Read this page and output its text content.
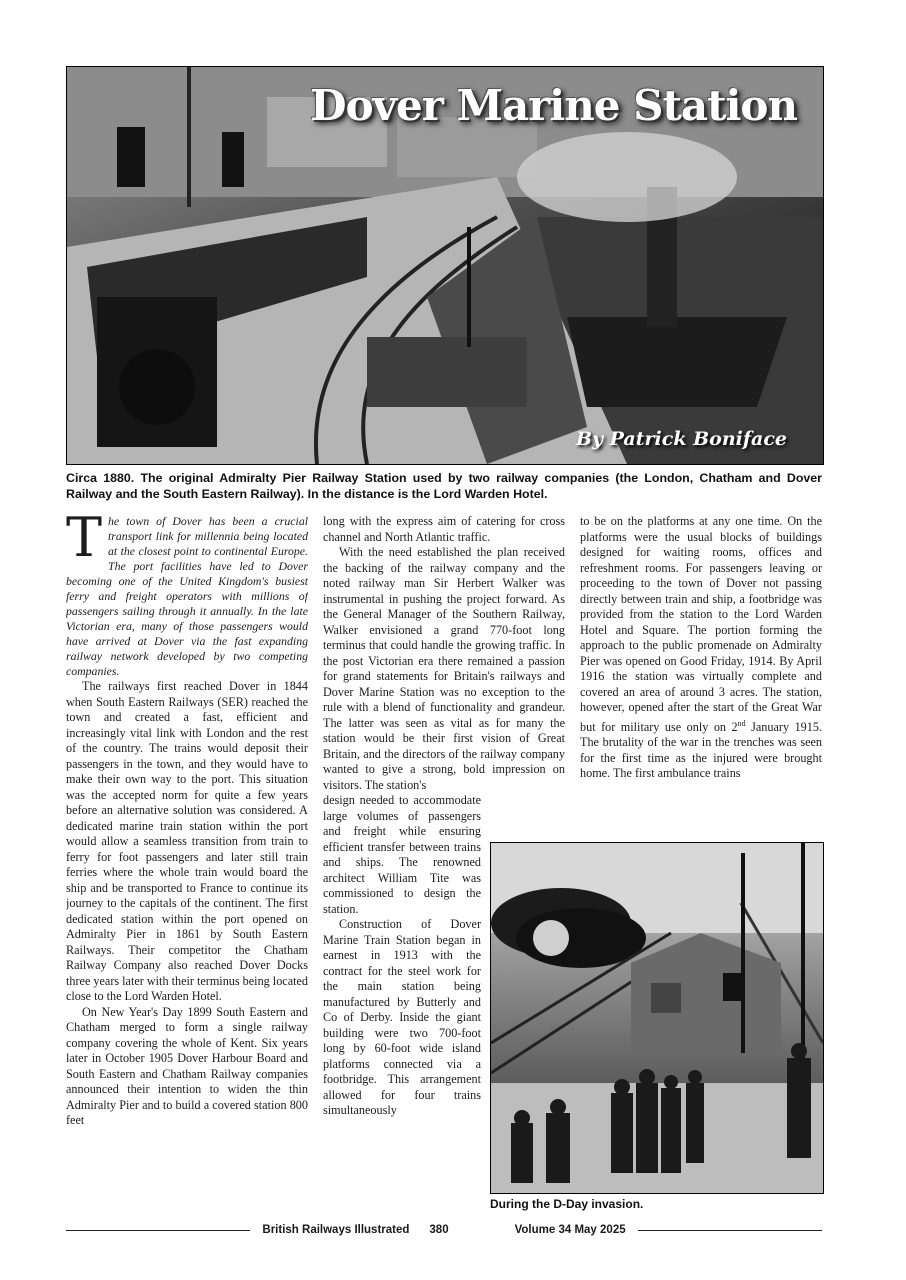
Dover Marine Station
By Patrick Boniface

Circa 1880. The original Admiralty Pier Railway Station used by two railway companies (the London, Chatham and Dover Railway and the South Eastern Railway). In the distance is the Lord Warden Hotel.

The town of Dover has been a crucial transport link for millennia being located at the closest point to continental Europe. The port facilities have led to Dover becoming one of the United Kingdom's busiest ferry and freight operators with millions of passengers sailing through it annually. In the late Victorian era, many of those passengers would have arrived at Dover via the fast expanding railway network developed by two competing companies.

The railways first reached Dover in 1844 when South Eastern Railways (SER) reached the town and created a fast, efficient and increasingly vital link with London and the rest of the country. The trains would deposit their passengers in the town, and they would have to make their own way to the port. This situation was the accepted norm for quite a few years before an alternative solution was considered. A dedicated marine train station within the port would allow a seamless transition from train to ferry for foot passengers and later still train ferries where the whole train would board the ship and be transported to France to continue its journey to the capitals of the continent. The first dedicated station within the port opened on Admiralty Pier in 1861 by South Eastern Railways. Their competitor the Chatham Railway Company also reached Dover Docks three years later with their terminus being located close to the Lord Warden Hotel.

On New Year's Day 1899 South Eastern and Chatham merged to form a single railway company covering the whole of Kent. Six years later in October 1905 Dover Harbour Board and South Eastern and Chatham Railway companies announced their intention to widen the thin Admiralty Pier and to build a covered station 800 feet

long with the express aim of catering for cross channel and North Atlantic traffic.

With the need established the plan received the backing of the railway company and the noted railway man Sir Herbert Walker was instrumental in pushing the project forward. As the General Manager of the Southern Railway, Walker envisioned a grand 770-foot long terminus that could handle the growing traffic. In the post Victorian era there remained a passion for grand statements for Britain's railways and Dover Marine Station was no exception to the rule with a blend of functionality and grandeur. The latter was seen as vital as for many the station would be their first vision of Great Britain, and the directors of the railway company wanted to give a strong, bold impression on visitors. The station's

design needed to accommodate large volumes of passengers and freight while ensuring efficient transfer between trains and ships. The renowned architect William Tite was commissioned to design the station.

Construction of Dover Marine Train Station began in earnest in 1913 with the contract for the steel work for the main station being manufactured by Butterly and Co of Derby. Inside the giant building were two 700-foot long by 60-foot wide island platforms connected via a footbridge. This arrangement allowed for four trains simultaneously

to be on the platforms at any one time. On the platforms were the usual blocks of buildings designed for waiting rooms, offices and refreshment rooms. For passengers leaving or proceeding to the town of Dover not passing directly between train and ship, a footbridge was provided from the station to the Lord Warden Hotel and Square. The portion forming the approach to the public promenade on Admiralty Pier was opened on Good Friday, 1914. By April 1916 the station was virtually complete and covered an area of around 3 acres. The station, however, opened after the start of the Great War but for military use only on 2nd January 1915. The brutality of the war in the trenches was seen for the first time as the injured were brought home. The first ambulance trains

During the D-Day invasion.

British Railways Illustrated 380	Volume 34 May 2025
